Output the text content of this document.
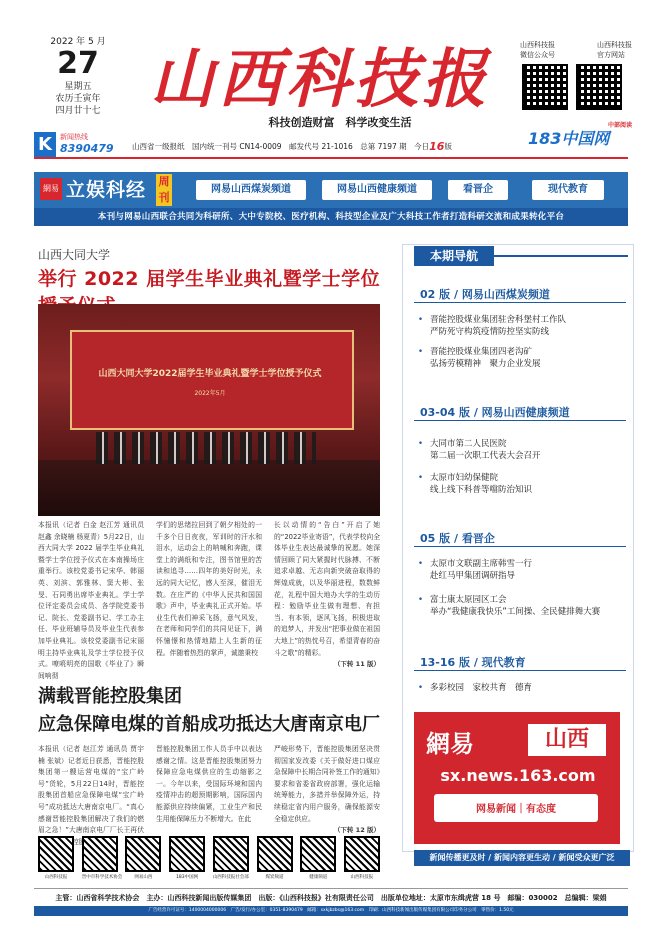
2022 年 5 月
27
星期五
农历壬寅年
四月廿十七 山西科技报
科技创造财富　科学改变生活
K	新闻热线
8390479
山西科技报
微信公众号
山西科技报
官方网站
183中国网
中部阅读
山西省一级报纸　国内统一刊号 CN14-0009　邮发代号 21-1016　总第 7197 期　今日 16 版
網易 立娱科经 周刊
网易山西煤炭频道	网易山西健康频道	看晋企	现代教育
本刊与网易山西联合共同为科研所、大中专院校、医疗机构、科技型企业及广大科技工作者打造科研交流和成果转化平台
山西大同大学
举行 2022 届学生毕业典礼暨学士学位
山西大同大学2022届学生毕业典礼暨学士学位授予仪式
2022年5月
本报讯（记者 白金 赵江芳 通讯员 赵鑫 余晓楠 杨夏青）5月22日，山西大同大学 2022 届学生毕业典礼暨学士学位授予仪式在本南操场庄重举行。该校党委书记宋华、韩丽英、刘滨、郭雅林、窦大彬、张旻、石同勇出席毕业典礼。学士学位评定委员会成员、各学院党委书记、院长、党委副书记、学工办主任、毕业班辅导员及毕业生代表参加毕业典礼。该校党委副书记宋丽明主持毕业典礼及学士学位授予仪式。嘹喨明亮的国歌《毕业了》瞬间响彻
学们的思绪拉回到了朝夕相处的一千多个日日夜夜，军训时的汗水和泪水，运动会上的呐喊和奔跑，课堂上的满纸和专注，图书馆里的苦读和追寻……四年的美好时光，永远的同大记忆，感人至深，催泪无数。在庄严的《中华人民共和国国歌》声中，毕业典礼正式开始。毕业生代表们神采飞扬，意气风发，在老师和同学们的共同见证下，满怀憧憬和热情地踏上人生新的征程。伴随着热烈的掌声，诚邀秉校
长以动情的“告白”开启了她的“2022毕业寄语”，代表学校向全体毕业生表达最诚挚的祝愿。她深情回顾了同大紧握时代脉搏、不断追求卓越、无志向新突破奋取得的辉煌成就，以及华丽进程，数数鲜花，礼程中国大地办大学的生动历程：勉励毕业生做有理想、有担当、有本领，逐风飞扬，积极进取的追梦人，并发出“把事业做在祖国大地上”的热忱号召，希望青春的奋斗之歌”的精彩。
（下转 11 版）
满载晋能控股集团
应急保障电煤的首船成功抵达大唐南京电厂
本报讯（记者 赵江芳 通讯员 贾宇楠 张斌）记者近日获悉，晋能控股集团第一艘运营电煤的“宝广岭号”货轮，5月22日14时，晋能控股集团首船应急保障电煤“宝广岭号”成功抵达大唐南京电厂。“真心感谢晋能控股集团解决了我们的燃眉之急！”大唐南京电厂厂长王再伏 控股
晋能控股集团工作人员手中以表达感谢之情。这是晋能控股集团努力保障应急电煤供应的生动缩影之一。今年以来，受国际环境和国内疫情冲击的超预期影响，国际国内能源供应持续偏紧，工业生产和民生用能保障压力不断增大。在此
严峻形势下，晋能控股集团坚决贯彻国家发改委《关于做好进口煤应急保障中长期合同补签工作的通知》要求和省委省政府部署，强化运输统筹能力，多措并举保障外运，持续稳定省内用户服务，确保能源安全稳定供应。
（下转 12 版）
山西科技报	晋中市科学技术协会	网易山西	183中国网	山西科技报社会部	煤炭频道	健康频道	山西科技报
本期导航
02 版 / 网易山西煤炭频道
• 晋能控股煤业集团驻舍科堡村工作队
严防死守构筑疫情防控坚实防线
• 晋能控股煤业集团四老沟矿
弘扬劳模精神　聚力企业发展
03-04 版 / 网易山西健康频道
• 大同市第二人民医院
第二届一次职工代表大会召开
• 太原市妇幼保健院
线上线下科普等噹防治知识
05 版 / 看晋企
• 太原市文联副主席韩雪一行
赴红马甲集团调研指导
• 富士康太原园区工会
举办“我健康我快乐”工间操、全民健排舞大赛
13-16 版 / 现代教育
• 多彩校园　家校共育　德育
網易	山西
sx.news.163.com
网易新闻｜有态度
新闻传播更及时 / 新闻内容更生动 / 新闻受众更广泛
主管：山西省科学技术协会　主办：山西科技新闻出版传媒集团　出版：《山西科技报》社有限责任公司　出版单位地址：太原市东缉虎营 18 号　邮编：030002　总编辑：梁娟
广告经营许可证号：1400004000006　广告/发行/办公室：0351-8390479　邮箱：sxkjbzbs@163.com　印刷：山西科技新闻出版传媒集团有限公司印务分公司　零售价：1.50元
